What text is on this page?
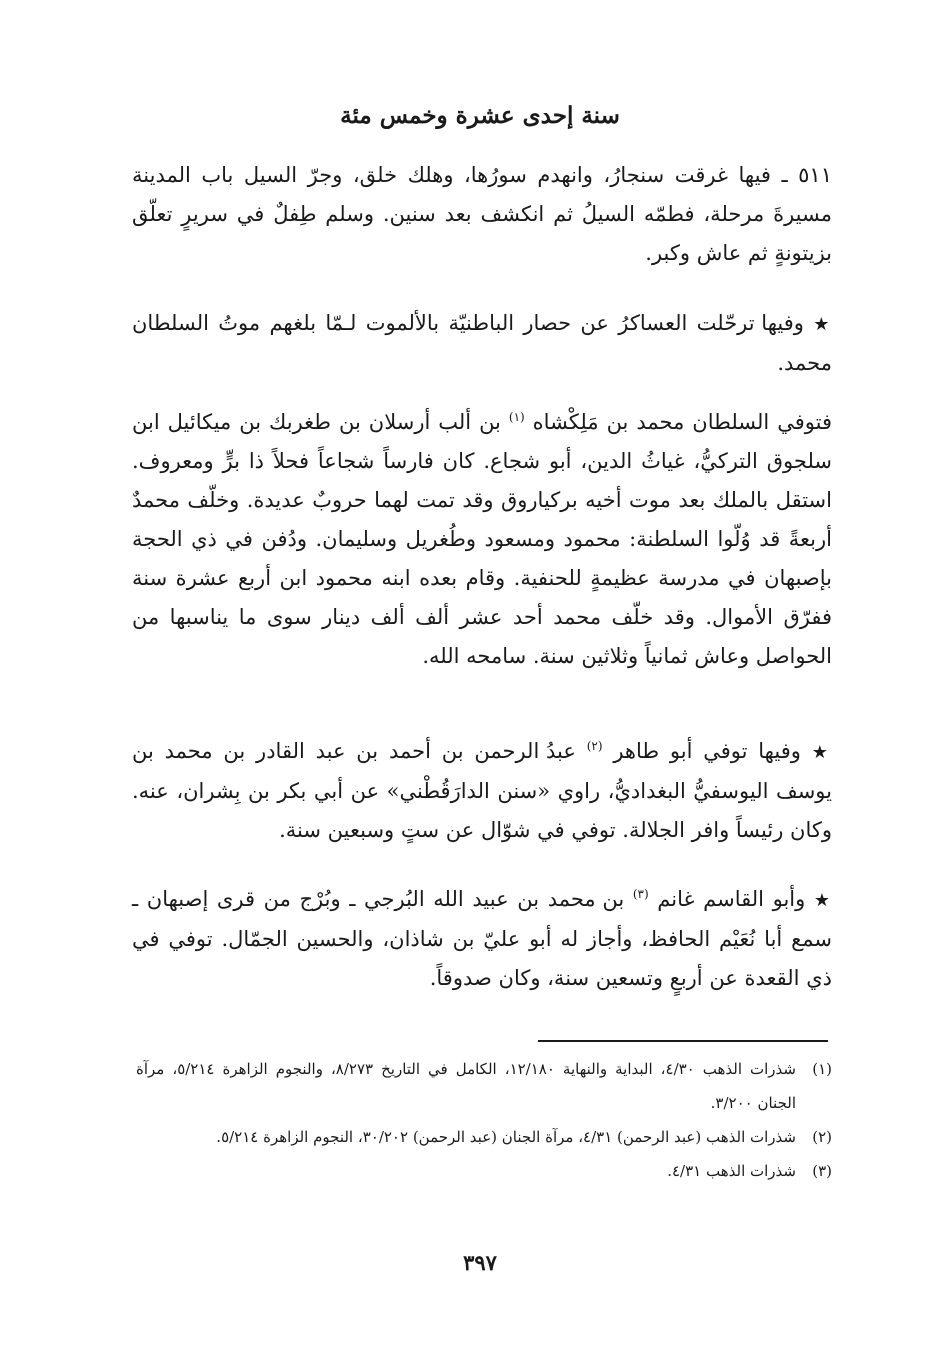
سنة إحدى عشرة وخمس مئة

٥١١ ـ فيها غرقت سنجارُ، وانهدم سورُها، وهلك خلق، وجرّ السيل باب المدينة مسيرةَ مرحلة، فطمّه السيلُ ثم انكشف بعد سنين. وسلم طِفلٌ في سريرٍ تعلّق بزيتونةٍ ثم عاش وكبر.

★ وفيها ترحّلت العساكرُ عن حصار الباطنيّة بالألموت لـمّا بلغهم موتُ السلطان محمد.

فتوفي السلطان محمد بن مَلِكْشاه $^{(١)}$ بن ألب أرسلان بن طغربك بن ميكائيل ابن سلجوق التركيُّ، غياثُ الدين، أبو شجاع. كان فارساً شجاعاً فحلاً ذا برٍّ ومعروف. استقل بالملك بعد موت أخيه بركياروق وقد تمت لهما حروبٌ عديدة. وخلّف محمدٌ أربعةً قد وُلّوا السلطنة: محمود ومسعود وطُغريل وسليمان. ودُفن في ذي الحجة بإصبهان في مدرسة عظيمةٍ للحنفية. وقام بعده ابنه محمود ابن أربع عشرة سنة ففرّق الأموال. وقد خلّف محمد أحد عشر ألف ألف دينار سوى ما يناسبها من الحواصل وعاش ثمانياً وثلاثين سنة. سامحه الله.

★ وفيها توفي أبو طاهر $^{(٢)}$ عبدُ الرحمن بن أحمد بن عبد القادر بن محمد بن يوسف اليوسفيُّ البغداديُّ، راوي «سنن الدارَقُطْني» عن أبي بكر بن بِشران، عنه. وكان رئيساً وافر الجلالة. توفي في شوّال عن ستٍ وسبعين سنة.

★ وأبو القاسم غانم $^{(٣)}$ بن محمد بن عبيد الله البُرجي ـ وبُرْج من قرى إصبهان ـ سمع أبا نُعَيْم الحافظ، وأجاز له أبو عليّ بن شاذان، والحسين الجمّال. توفي في ذي القعدة عن أربعٍ وتسعين سنة، وكان صدوقاً.

(١)
شذرات الذهب ٤/٣٠، البداية والنهاية ١٢/١٨٠، الكامل في التاريخ ٨/٢٧٣، والنجوم الزاهرة ٥/٢١٤، مرآة الجنان ٣/٢٠٠.
(٢)
شذرات الذهب (عبد الرحمن) ٤/٣١، مرآة الجنان (عبد الرحمن) ٣٠/٢٠٢، النجوم الزاهرة ٥/٢١٤.
(٣)
شذرات الذهب ٤/٣١.
٣٩٧
